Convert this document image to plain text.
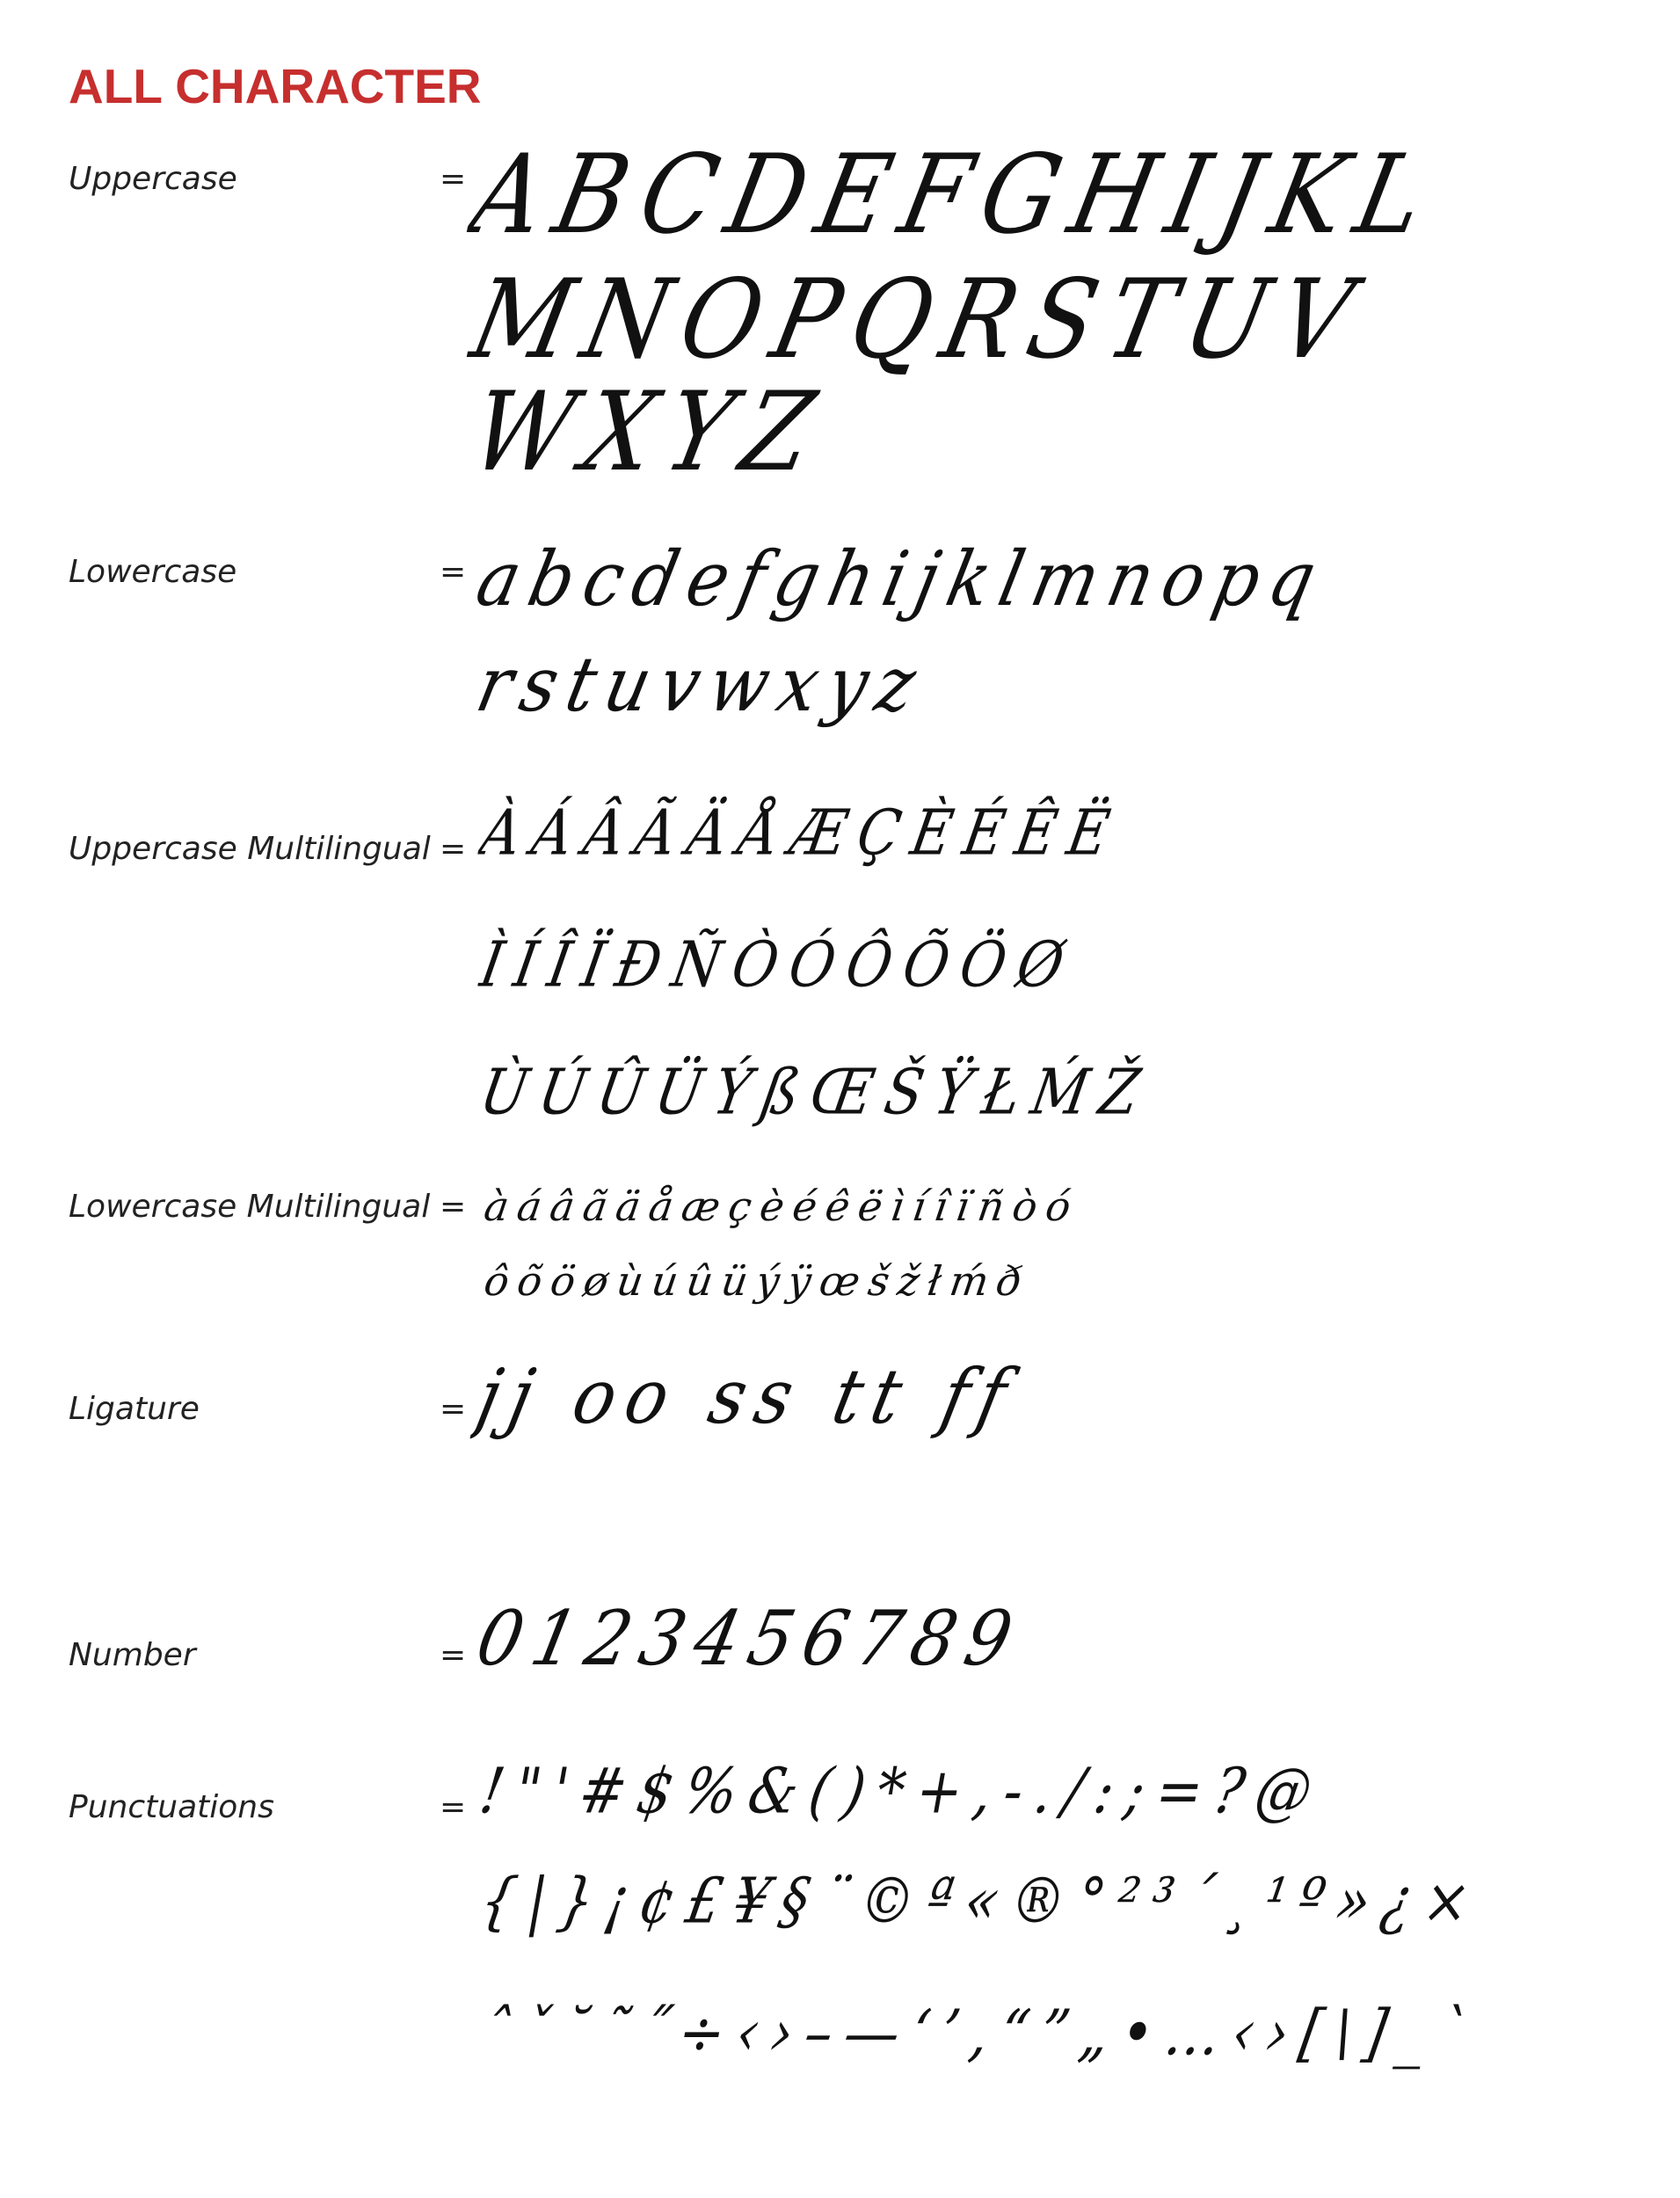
ALL CHARACTER
Uppercase	=
ABCDEFGHIJKL
MNOPQRSTUV
WXYZ
Lowercase	= abcdefghijklmnopq
rstuvwxyz
Uppercase Multilingual = ÀÁÂÃÄÅÆÇÈÉÊË
ÌÍÎÏÐÑÒÓÔÕÖØ
ÙÚÛÜÝßŒŠŸŁḾŽ
Lowercase Multilingual = àáâãäåæçèéêëìíîïñòó
ôõöøùúûüýÿœšžłḿð
Ligature	= jj oo ss tt ff
Number	= 0123456789
Punctuations	= !"'#$%&()*+,-./:;=?@
{|}¡¢£¥§¨©ª«®°²³´¸¹º»¿×
ˆˇ˘˜˝÷‹›–—‘’‚“”„•…‹›[\]_`
